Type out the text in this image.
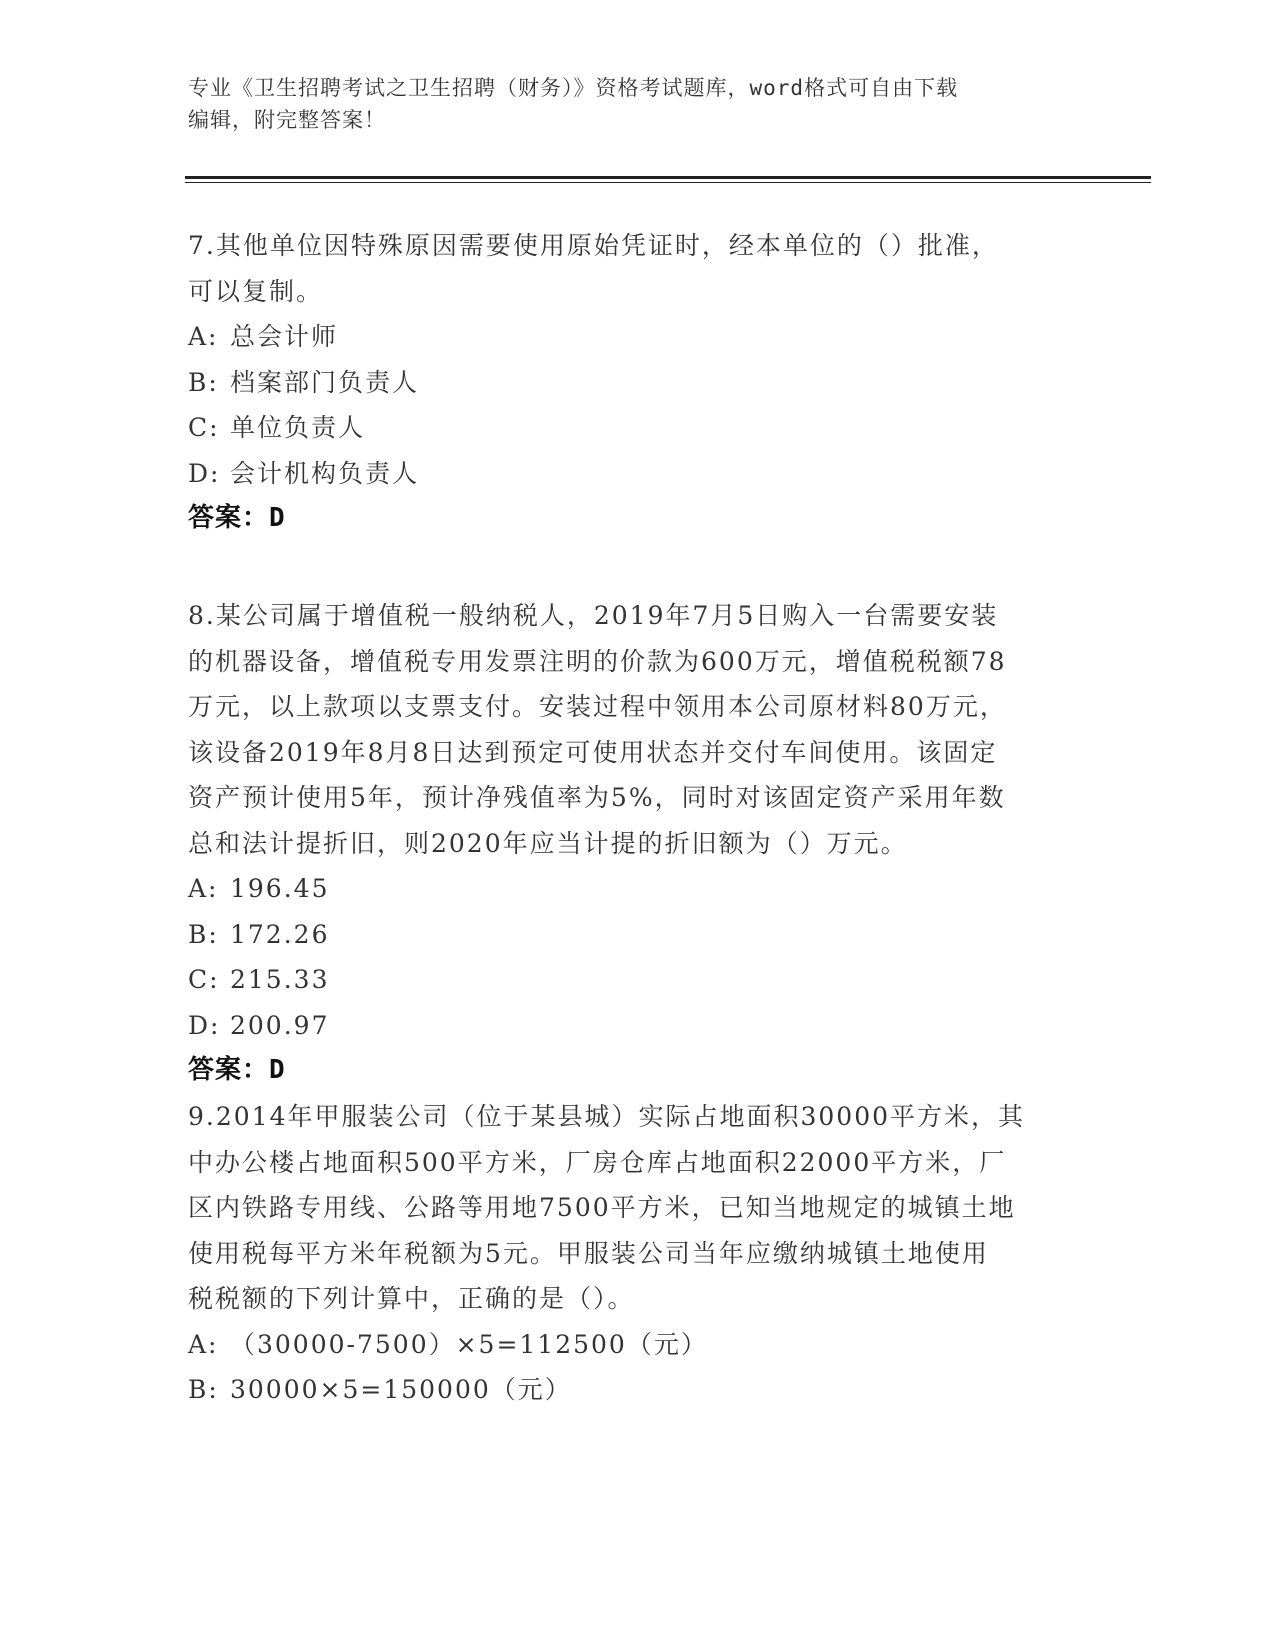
专业《卫生招聘考试之卫生招聘（财务）》资格考试题库，word格式可自由下载
编辑，附完整答案！

7.其他单位因特殊原因需要使用原始凭证时，经本单位的（）批准，

可以复制。

A: 总会计师

B: 档案部门负责人

C: 单位负责人

D: 会计机构负责人

答案：D

8.某公司属于增值税一般纳税人，2019年7月5日购入一台需要安装

的机器设备，增值税专用发票注明的价款为600万元，增值税税额78

万元，以上款项以支票支付。安装过程中领用本公司原材料80万元，

该设备2019年8月8日达到预定可使用状态并交付车间使用。该固定

资产预计使用5年，预计净残值率为5%，同时对该固定资产采用年数

总和法计提折旧，则2020年应当计提的折旧额为（）万元。

A: 196.45

B: 172.26

C: 215.33

D: 200.97

答案：D

9.2014年甲服装公司（位于某县城）实际占地面积30000平方米，其

中办公楼占地面积500平方米，厂房仓库占地面积22000平方米，厂

区内铁路专用线、公路等用地7500平方米，已知当地规定的城镇土地

使用税每平方米年税额为5元。甲服装公司当年应缴纳城镇土地使用

税税额的下列计算中，正确的是（）。

A: （30000-7500）×5=112500（元）

B: 30000×5=150000（元）
